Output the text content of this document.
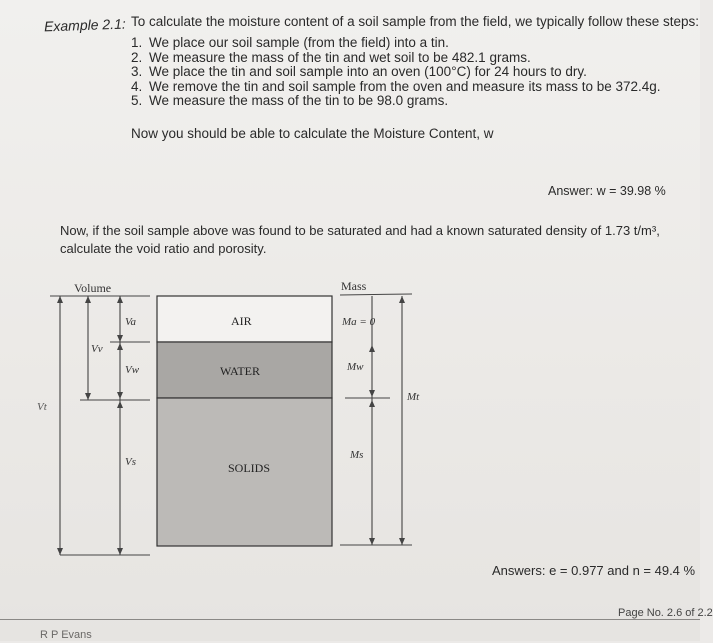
Example 2.1: To calculate the moisture content of a soil sample from the field, we typically follow these steps:
1. We place our soil sample (from the field) into a tin.
2. We measure the mass of the tin and wet soil to be 482.1 grams.
3. We place the tin and soil sample into an oven (100°C) for 24 hours to dry.
4. We remove the tin and soil sample from the oven and measure its mass to be 372.4g.
5. We measure the mass of the tin to be 98.0 grams.
Now you should be able to calculate the Moisture Content, w
Answer: w = 39.98 %
Now, if the soil sample above was found to be saturated and had a known saturated density of 1.73 t/m³,
calculate the void ratio and porosity.
Volume	Mass
AIR
WATER
SOLIDS
Va
Vv
Vw
Vs
Vt
Ma = 0
Mw
Ms
Mt
Answers: e = 0.977 and n = 49.4 %
Page No. 2.6 of 2.2
R P Evans
